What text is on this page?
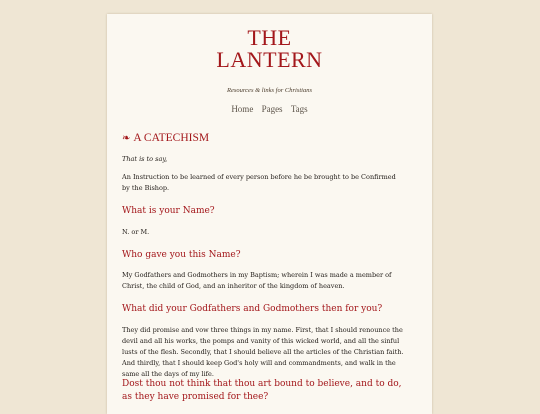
THE
LANTERN
Resources & links for Christians
Home Pages Tags
❧ A CATECHISM
That is to say,

An Instruction to be learned of every person before he be brought to be Confirmed by the Bishop.

What is your Name?

N. or M.

Who gave you this Name?

My Godfathers and Godmothers in my Baptism; wherein I was made a member of Christ, the child of God, and an inheritor of the kingdom of heaven.

What did your Godfathers and Godmothers then for you?

They did promise and vow three things in my name. First, that I should renounce the devil and all his works, the pomps and vanity of this wicked world, and all the sinful lusts of the flesh. Secondly, that I should believe all the articles of the Christian faith. And thirdly, that I should keep God's holy will and commandments, and walk in the same all the days of my life.

Dost thou not think that thou art bound to believe, and to do, as they have promised for thee?
